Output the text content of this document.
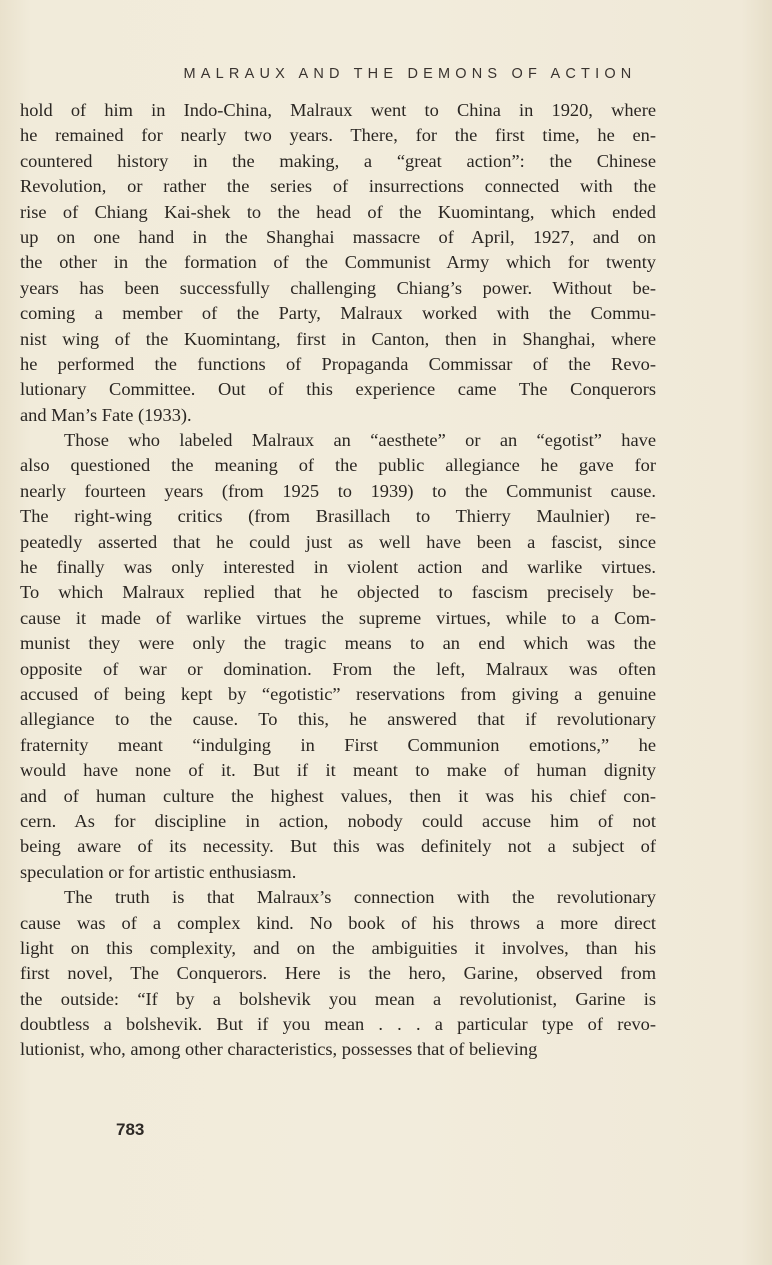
MALRAUX AND THE DEMONS OF ACTION
hold of him in Indo-China, Malraux went to China in 1920, where
he remained for nearly two years. There, for the first time, he en-
countered history in the making, a “great action”: the Chinese
Revolution, or rather the series of insurrections connected with the
rise of Chiang Kai-shek to the head of the Kuomintang, which ended
up on one hand in the Shanghai massacre of April, 1927, and on
the other in the formation of the Communist Army which for twenty
years has been successfully challenging Chiang’s power. Without be-
coming a member of the Party, Malraux worked with the Commu-
nist wing of the Kuomintang, first in Canton, then in Shanghai, where
he performed the functions of Propaganda Commissar of the Revo-
lutionary Committee. Out of this experience came The Conquerors
and Man’s Fate (1933).
Those who labeled Malraux an “aesthete” or an “egotist” have
also questioned the meaning of the public allegiance he gave for
nearly fourteen years (from 1925 to 1939) to the Communist cause.
The right-wing critics (from Brasillach to Thierry Maulnier) re-
peatedly asserted that he could just as well have been a fascist, since
he finally was only interested in violent action and warlike virtues.
To which Malraux replied that he objected to fascism precisely be-
cause it made of warlike virtues the supreme virtues, while to a Com-
munist they were only the tragic means to an end which was the
opposite of war or domination. From the left, Malraux was often
accused of being kept by “egotistic” reservations from giving a genuine
allegiance to the cause. To this, he answered that if revolutionary
fraternity meant “indulging in First Communion emotions,” he
would have none of it. But if it meant to make of human dignity
and of human culture the highest values, then it was his chief con-
cern. As for discipline in action, nobody could accuse him of not
being aware of its necessity. But this was definitely not a subject of
speculation or for artistic enthusiasm.
The truth is that Malraux’s connection with the revolutionary
cause was of a complex kind. No book of his throws a more direct
light on this complexity, and on the ambiguities it involves, than his
first novel, The Conquerors. Here is the hero, Garine, observed from
the outside: “If by a bolshevik you mean a revolutionist, Garine is
doubtless a bolshevik. But if you mean . . . a particular type of revo-
lutionist, who, among other characteristics, possesses that of believing
783
